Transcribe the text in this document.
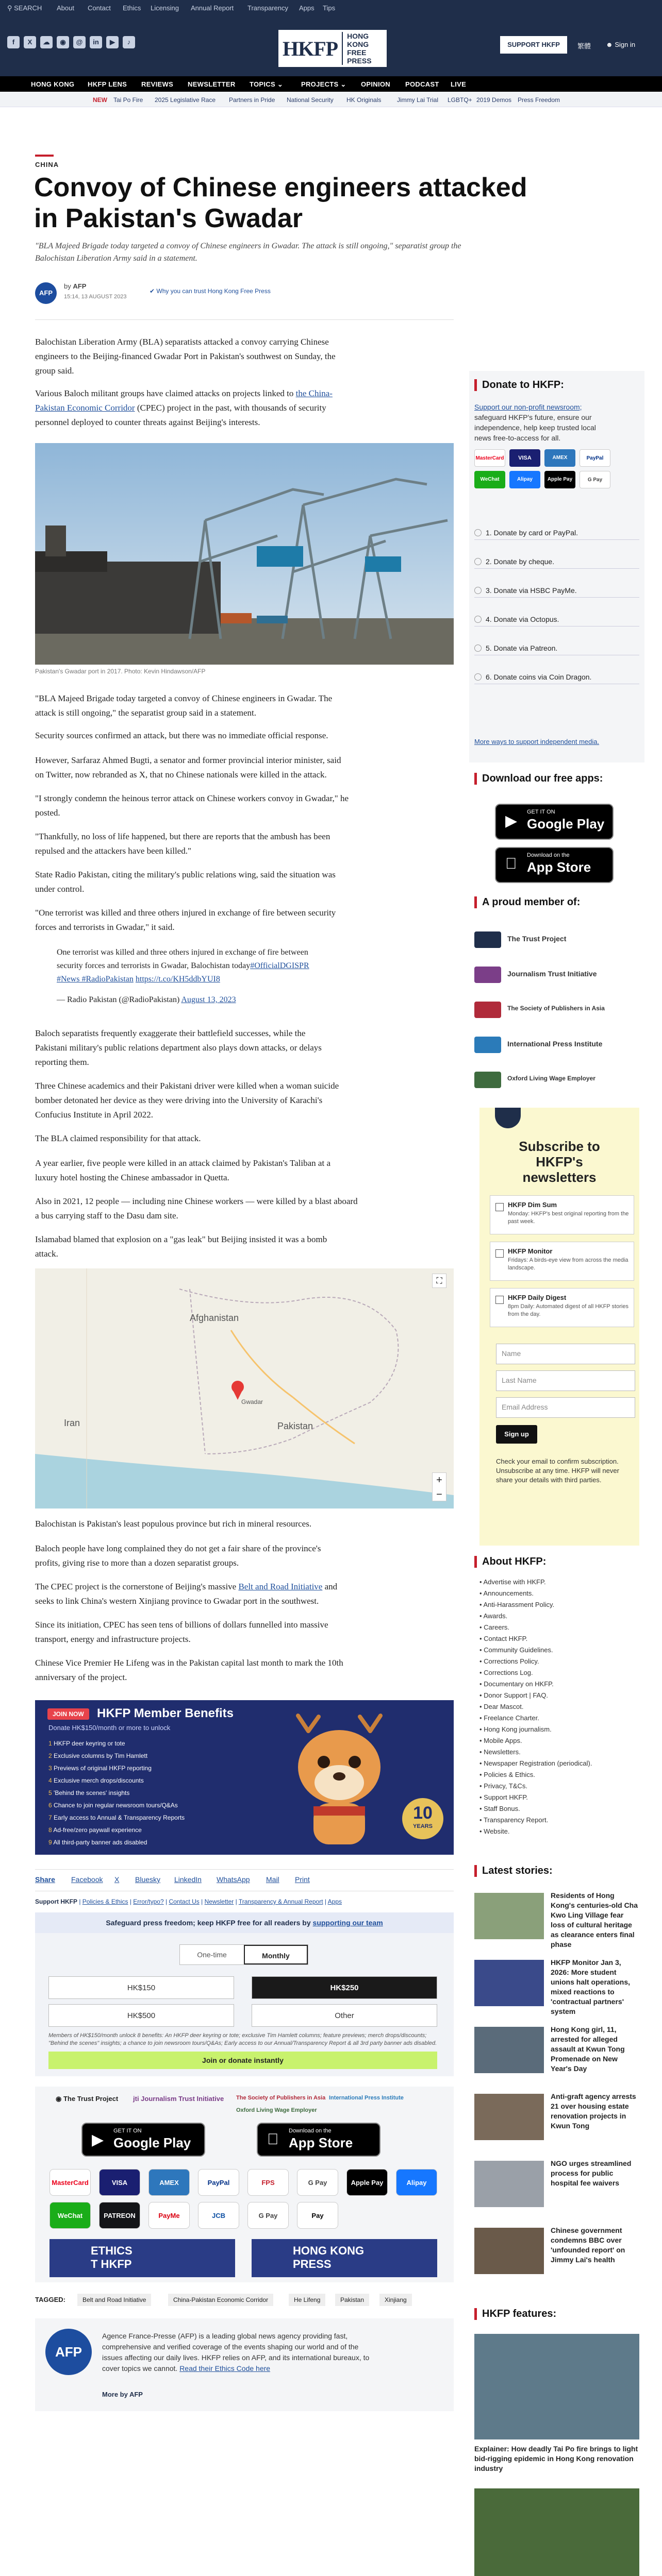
⚲ SEARCH About Contact Ethics Licensing Annual Report Transparency Apps Tips
f	X	☁	◉	@	in	▶	♪	HKFP
HONG KONG
FREE PRESS
SUPPORT HKFP	繁體 ☻ Sign in
HONG KONG HKFP LENS REVIEWS NEWSLETTER TOPICS ⌄	PROJECTS ⌄ OPINION PODCAST LIVE
NEW Tai Po Fire 2025 Legislative Race Partners in Pride National Security HK Originals	Jimmy Lai Trial LGBTQ+ 2019 Demos Press Freedom
CHINA
Convoy of Chinese engineers attacked
in Pakistan's Gwadar
"BLA Majeed Brigade today targeted a convoy of Chinese engineers in Gwadar. The attack is still ongoing," separatist group the
Balochistan Liberation Army said in a statement.
AFP
by AFP
15:14, 13 AUGUST 2023
✔ Why you can trust Hong Kong Free Press
Balochistan Liberation Army (BLA) separatists attacked a convoy carrying Chinese
engineers to the Beijing-financed Gwadar Port in Pakistan's southwest on Sunday, the
group said.
Various Baloch militant groups have claimed attacks on projects linked to the China-
Pakistan Economic Corridor (CPEC) project in the past, with thousands of security
personnel deployed to counter threats against Beijing's interests.
Pakistan's Gwadar port in 2017. Photo: Kevin Hindawson/AFP
"BLA Majeed Brigade today targeted a convoy of Chinese engineers in Gwadar. The
attack is still ongoing," the separatist group said in a statement.
Security sources confirmed an attack, but there was no immediate official response.
However, Sarfaraz Ahmed Bugti, a senator and former provincial interior minister, said
on Twitter, now rebranded as X, that no Chinese nationals were killed in the attack.
"I strongly condemn the heinous terror attack on Chinese workers convoy in Gwadar," he
posted.
"Thankfully, no loss of life happened, but there are reports that the ambush has been
repulsed and the attackers have been killed."
State Radio Pakistan, citing the military's public relations wing, said the situation was
under control.
"One terrorist was killed and three others injured in exchange of fire between security
forces and terrorists in Gwadar," it said.
One terrorist was killed and three others injured in exchange of fire between
security forces and terrorists in Gwadar, Balochistan today#OfficialDGISPR
#News #RadioPakistan https://t.co/KH5ddbYUI8

— Radio Pakistan (@RadioPakistan) August 13, 2023
Baloch separatists frequently exaggerate their battlefield successes, while the
Pakistani military's public relations department also plays down attacks, or delays
reporting them.
Three Chinese academics and their Pakistani driver were killed when a woman suicide
bomber detonated her device as they were driving into the University of Karachi's
Confucius Institute in April 2022.
The BLA claimed responsibility for that attack.
A year earlier, five people were killed in an attack claimed by Pakistan's Taliban at a
luxury hotel hosting the Chinese ambassador in Quetta.
Also in 2021, 12 people — including nine Chinese workers — were killed by a blast aboard
a bus carrying staff to the Dasu dam site.
Islamabad blamed that explosion on a "gas leak" but Beijing insisted it was a bomb
attack.
Afghanistan
Pakistan
Iran
Gwadar
⛶
+
−
Balochistan is Pakistan's least populous province but rich in mineral resources.
Baloch people have long complained they do not get a fair share of the province's
profits, giving rise to more than a dozen separatist groups.
The CPEC project is the cornerstone of Beijing's massive Belt and Road Initiative and
seeks to link China's western Xinjiang province to Gwadar port in the southwest.
Since its initiation, CPEC has seen tens of billions of dollars funnelled into massive
transport, energy and infrastructure projects.
Chinese Vice Premier He Lifeng was in the Pakistan capital last month to mark the 10th
anniversary of the project.
JOIN NOW	HKFP Member Benefits
Donate HK$150/month or more to unlock
1 HKFP deer keyring or tote
2 Exclusive columns by Tim Hamlett
3 Previews of original HKFP reporting
4 Exclusive merch drops/discounts
5 'Behind the scenes' insights
6 Chance to join regular newsroom tours/Q&As
7 Early access to Annual & Transparency Reports
8 Ad-free/zero paywall experience
9 All third-party banner ads disabled
10
YEARS
Share Facebook X Bluesky LinkedIn WhatsApp Mail Print
Support HKFP | Policies & Ethics | Error/typo? | Contact Us | Newsletter | Transparency & Annual Report | Apps
Safeguard press freedom; keep HKFP free for all readers by supporting our team
One-time	Monthly
HK$150	HK$250
HK$500	Other
Members of HK$150/month unlock 8 benefits: An HKFP deer keyring or tote; exclusive Tim Hamlett columns; feature previews; merch drops/discounts; "Behind the scenes" insights; a chance to join newsroom tours/Q&As; Early access to our Annual/Transparency Report & all 3rd party banner ads disabled.
Join or donate instantly
◉ The Trust Project jti Journalism Trust Initiative The Society of Publishers in Asia International Press Institute
Oxford Living Wage Employer
▶
GET IT ON
Google Play
Download on the
App Store
MasterCard	VISA	AMEX	PayPal	FPS	G Pay	Apple Pay	Alipay
WeChat	PATREON	PayMe	JCB	G Pay	Pay
ETHICS
T HKFP
HONG KONG
PRESS
TAGGED:	Belt and Road Initiative	China-Pakistan Economic Corridor	He Lifeng	Pakistan	Xinjiang
AFP
Agence France-Presse (AFP) is a leading global news agency providing fast,
comprehensive and verified coverage of the events shaping our world and of the
issues affecting our daily lives. HKFP relies on AFP, and its international bureaux, to
cover topics we cannot. Read their Ethics Code here
More by AFP
Donate to HKFP:
Support our non-profit newsroom;
safeguard HKFP's future, ensure our
independence, help keep trusted local
news free-to-access for all.
MasterCard	VISA	AMEX	PayPal
WeChat	Alipay	Apple Pay	G Pay
1. Donate by card or PayPal.
2. Donate by cheque.
3. Donate via HSBC PayMe.
4. Donate via Octopus.
5. Donate via Patreon.
6. Donate coins via Coin Dragon.
More ways to support independent media.
Download our free apps:
▶
GET IT ON
Google Play
Download on the
App Store
A proud member of:
The Trust Project
Journalism Trust Initiative
The Society of Publishers in Asia
International Press Institute
Oxford Living Wage Employer
Subscribe to
HKFP's
newsletters
HKFP Dim Sum
Monday: HKFP's best original reporting from the past week.
HKFP Monitor
Fridays: A birds-eye view from across the media landscape.
HKFP Daily Digest
8pm Daily: Automated digest of all HKFP stories from the day.
Name
Last Name
Email Address
Sign up
Check your email to confirm subscription. Unsubscribe at any time. HKFP will never share your details with third parties.
About HKFP:
• Advertise with HKFP.
• Announcements.
• Anti-Harassment Policy.
• Awards.
• Careers.
• Contact HKFP.
• Community Guidelines.
• Corrections Policy.
• Corrections Log.
• Documentary on HKFP.
• Donor Support | FAQ.
• Dear Mascot.
• Freelance Charter.
• Hong Kong journalism.
• Mobile Apps.
• Newsletters.
• Newspaper Registration (periodical).
• Policies & Ethics.
• Privacy, T&Cs.
• Support HKFP.
• Staff Bonus.
• Transparency Report.
• Website.
Latest stories:
Residents of Hong Kong's centuries-old Cha Kwo Ling Village fear loss of cultural heritage as clearance enters final phase
HKFP Monitor Jan 3, 2026: More student unions halt operations, mixed reactions to 'contractual partners' system
Hong Kong girl, 11, arrested for alleged assault at Kwun Tong Promenade on New Year's Day
Anti-graft agency arrests 21 over housing estate renovation projects in Kwun Tong
NGO urges streamlined process for public hospital fee waivers
Chinese government condemns BBC over 'unfounded report' on Jimmy Lai's health
HKFP features:
Explainer: How deadly Tai Po fire brings to light bid-rigging epidemic in Hong Kong renovation industry
